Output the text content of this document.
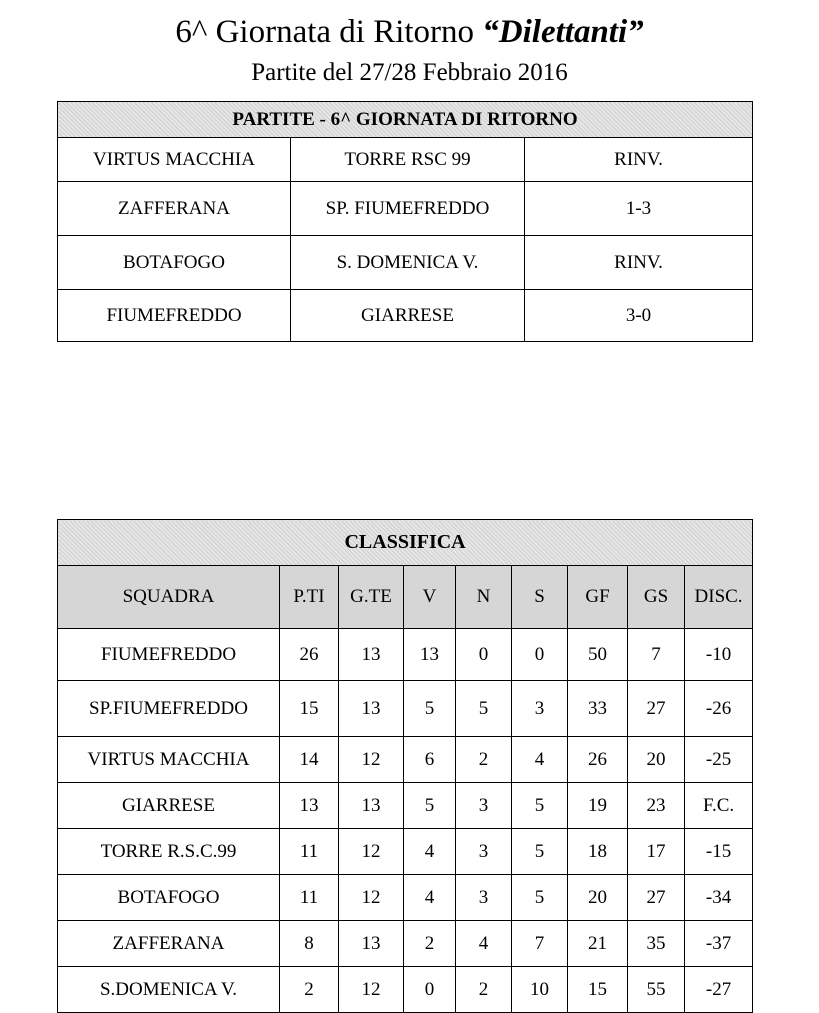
6^ Giornata di Ritorno “Dilettanti”
Partite del 27/28 Febbraio 2016
PARTITE - 6^ GIORNATA DI RITORNO		
VIRTUS MACCHIA	TORRE RSC 99	RINV.
ZAFFERANA	SP. FIUMEFREDDO	1-3
BOTAFOGO	S. DOMENICA V.	RINV.
FIUMEFREDDO	GIARRESE	3-0
CLASSIFICA								
SQUADRA	P.TI	G.TE	V	N	S	GF	GS	DISC.
FIUMEFREDDO	26	13	13	0	0	50	7	-10
SP.FIUMEFREDDO	15	13	5	5	3	33	27	-26
VIRTUS MACCHIA	14	12	6	2	4	26	20	-25
GIARRESE	13	13	5	3	5	19	23	F.C.
TORRE R.S.C.99	11	12	4	3	5	18	17	-15
BOTAFOGO	11	12	4	3	5	20	27	-34
ZAFFERANA	8	13	2	4	7	21	35	-37
S.DOMENICA V.	2	12	0	2	10	15	55	-27
